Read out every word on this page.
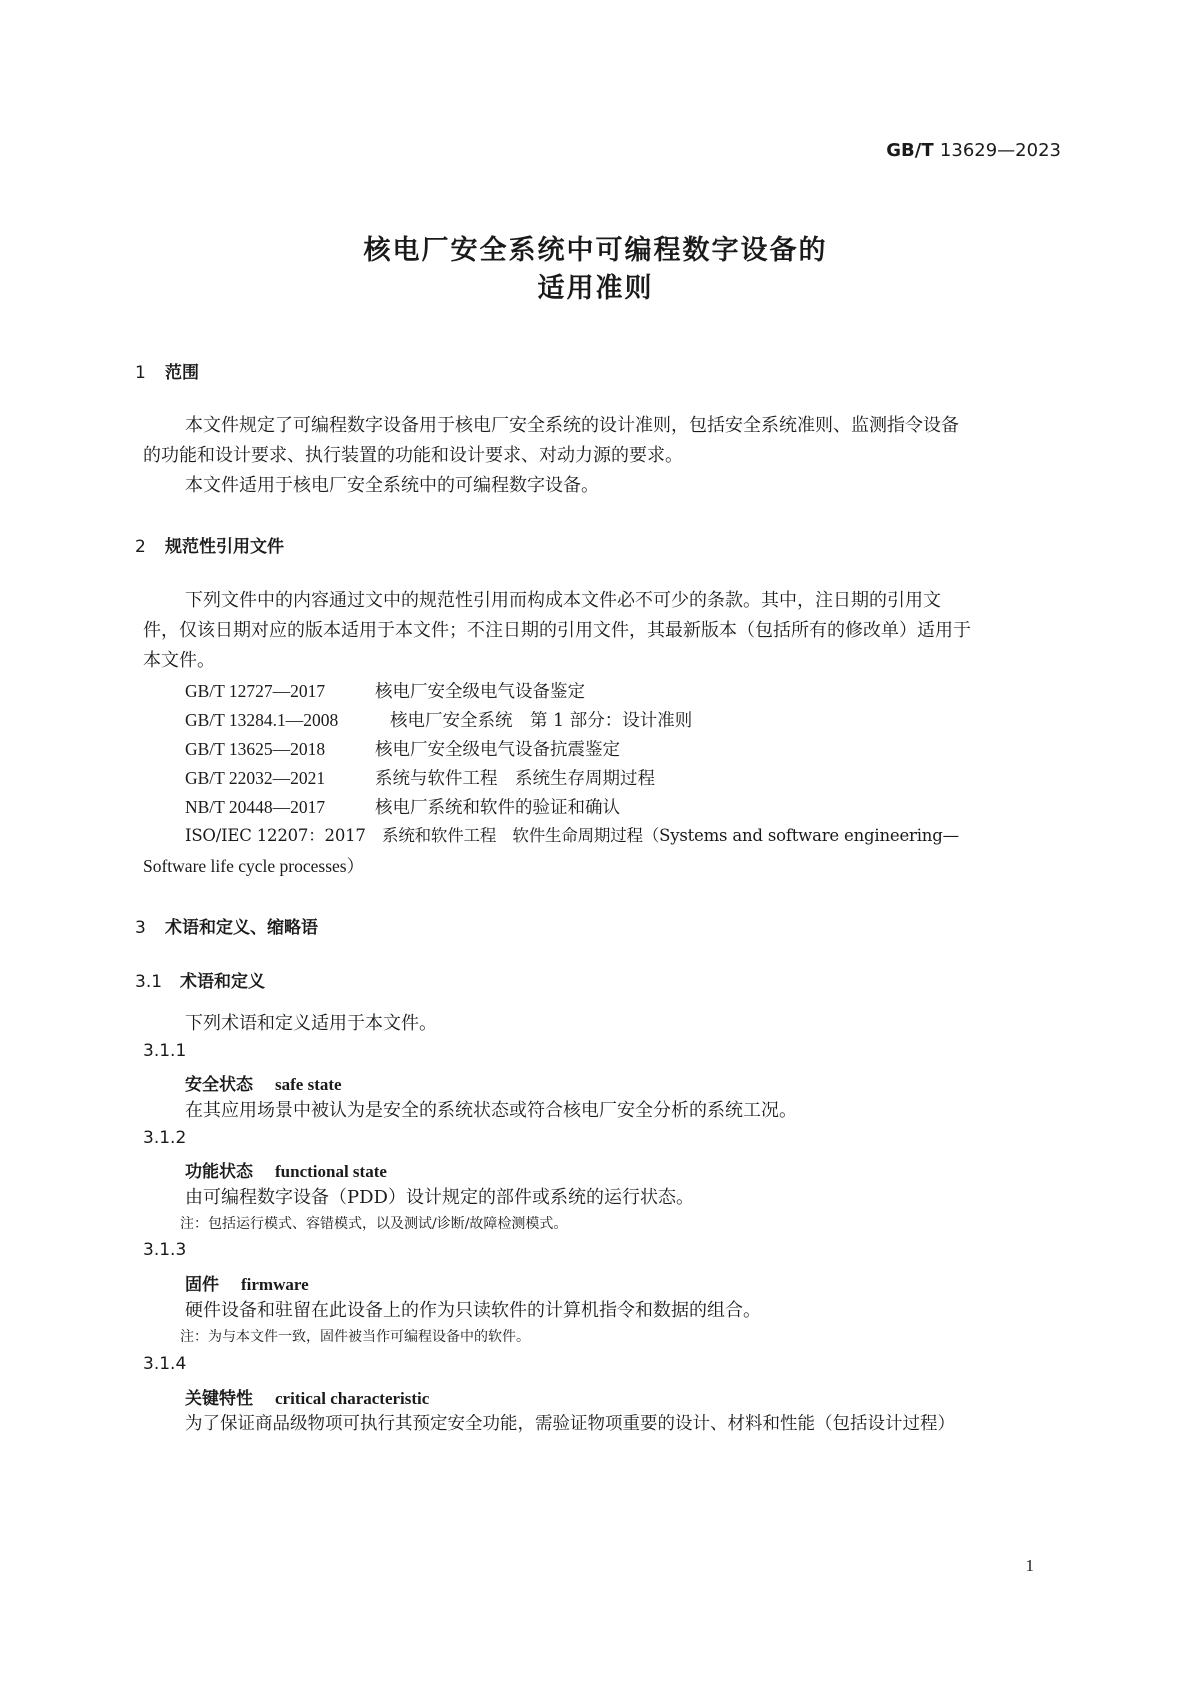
GB/T 13629—2023
核电厂安全系统中可编程数字设备的
适用准则
1 范围
本文件规定了可编程数字设备用于核电厂安全系统的设计准则，包括安全系统准则、监测指令设备
的功能和设计要求、执行装置的功能和设计要求、对动力源的要求。
本文件适用于核电厂安全系统中的可编程数字设备。
2 规范性引用文件
下列文件中的内容通过文中的规范性引用而构成本文件必不可少的条款。其中，注日期的引用文
件，仅该日期对应的版本适用于本文件；不注日期的引用文件，其最新版本（包括所有的修改单）适用于
本文件。
GB/T 12727—2017	核电厂安全级电气设备鉴定
GB/T 13284.1—2008	核电厂安全系统　第 1 部分：设计准则
GB/T 13625—2018	核电厂安全级电气设备抗震鉴定
GB/T 22032—2021	系统与软件工程　系统生存周期过程
NB/T 20448—2017	核电厂系统和软件的验证和确认
ISO/IEC 12207：2017　系统和软件工程　软件生命周期过程（Systems and software engineering—
Software life cycle processes）
3 术语和定义、缩略语
3.1 术语和定义
下列术语和定义适用于本文件。
3.1.1
安全状态 safe state
在其应用场景中被认为是安全的系统状态或符合核电厂安全分析的系统工况。
3.1.2
功能状态 functional state
由可编程数字设备（PDD）设计规定的部件或系统的运行状态。
注：包括运行模式、容错模式，以及测试/诊断/故障检测模式。
3.1.3
固件 firmware
硬件设备和驻留在此设备上的作为只读软件的计算机指令和数据的组合。
注：为与本文件一致，固件被当作可编程设备中的软件。
3.1.4
关键特性 critical characteristic
为了保证商品级物项可执行其预定安全功能，需验证物项重要的设计、材料和性能（包括设计过程）
1
